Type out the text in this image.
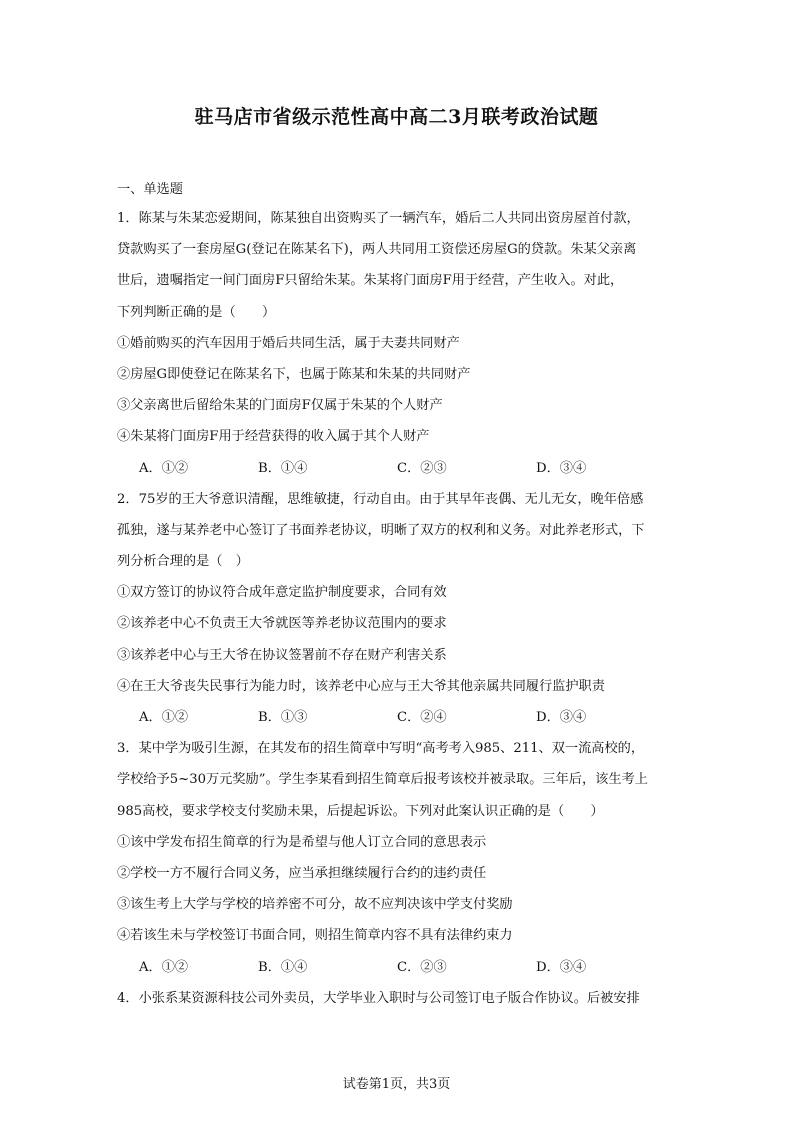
驻马店市省级示范性高中高二3月联考政治试题
一、单选题
1．陈某与朱某恋爱期间，陈某独自出资购买了一辆汽车，婚后二人共同出资房屋首付款，
贷款购买了一套房屋G(登记在陈某名下)，两人共同用工资偿还房屋G的贷款。朱某父亲离
世后，遗嘱指定一间门面房F只留给朱某。朱某将门面房F用于经营，产生收入。对此，
下列判断正确的是（　　）
①婚前购买的汽车因用于婚后共同生活，属于夫妻共同财产
②房屋G即使登记在陈某名下，也属于陈某和朱某的共同财产
③父亲离世后留给朱某的门面房F仅属于朱某的个人财产
④朱某将门面房F用于经营获得的收入属于其个人财产
A．①②	B．①④	C．②③	D．③④
2．75岁的王大爷意识清醒，思维敏捷，行动自由。由于其早年丧偶、无儿无女，晚年倍感
孤独，遂与某养老中心签订了书面养老协议，明晰了双方的权利和义务。对此养老形式，下
列分析合理的是（　）
①双方签订的协议符合成年意定监护制度要求，合同有效
②该养老中心不负责王大爷就医等养老协议范围内的要求
③该养老中心与王大爷在协议签署前不存在财产利害关系
④在王大爷丧失民事行为能力时，该养老中心应与王大爷其他亲属共同履行监护职责
A．①②	B．①③	C．②④	D．③④
3．某中学为吸引生源，在其发布的招生简章中写明“高考考入985、211、双一流高校的，
学校给予5~30万元奖励”。学生李某看到招生简章后报考该校并被录取。三年后，该生考上
985高校，要求学校支付奖励未果，后提起诉讼。下列对此案认识正确的是（　　）
①该中学发布招生简章的行为是希望与他人订立合同的意思表示
②学校一方不履行合同义务，应当承担继续履行合约的违约责任
③该生考上大学与学校的培养密不可分，故不应判决该中学支付奖励
④若该生未与学校签订书面合同，则招生简章内容不具有法律约束力
A．①②	B．①④	C．②③	D．③④
4．小张系某资源科技公司外卖员，大学毕业入职时与公司签订电子版合作协议。后被安排
试卷第1页，共3页
